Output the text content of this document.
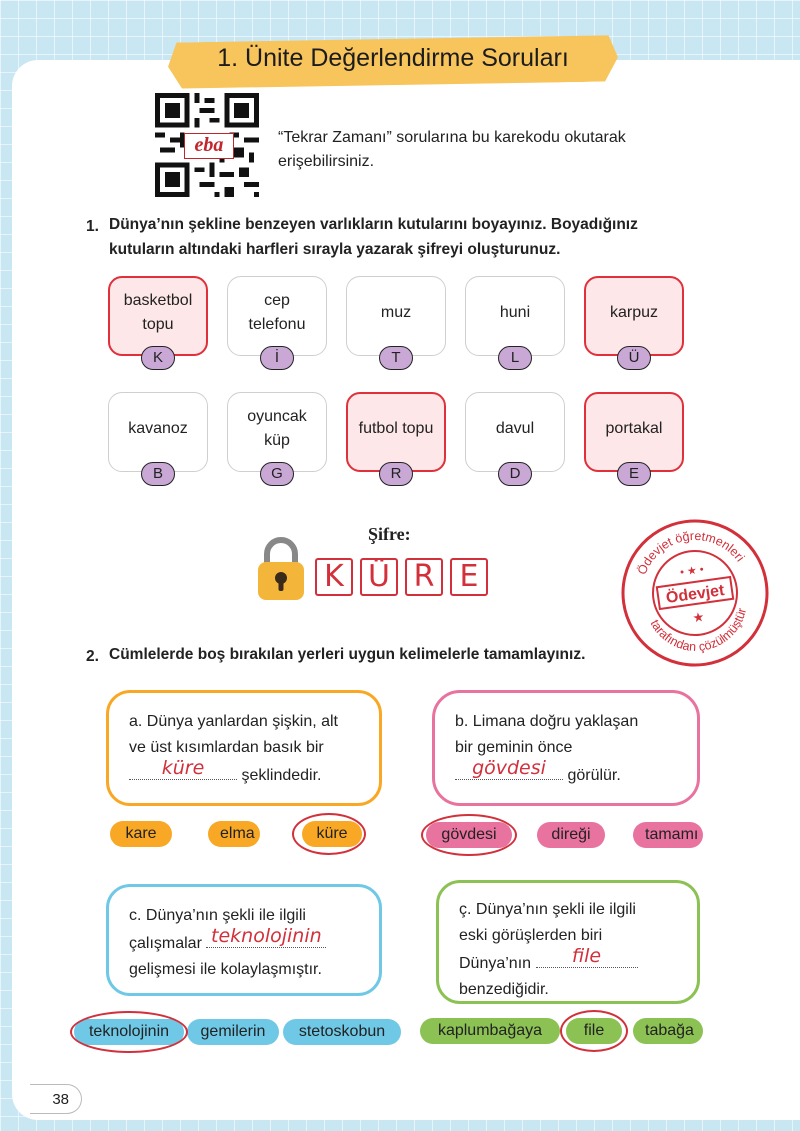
1. Ünite Değerlendirme Soruları
eba	“Tekrar Zamanı” sorularına bu karekodu okutarak erişebilirsiniz.
1. Dünya’nın şekline benzeyen varlıkların kutularını boyayınız. Boyadığınız
kutuların altındaki harfleri sırayla yazarak şifreyi oluşturunuz.
basketbol
topu
K
cep
telefonu
İ
muz
T
huni
L
karpuz
Ü
kavanoz
B
oyuncak
küp
G
futbol topu
R
davul
D
portakal
E
Şifre:
K Ü R E	Ödevjet öğretmenleri
tarafından çözülmüştür
Ödevjet
• ★ •
★
2. Cümlelerde boş bırakılan yerleri uygun kelimelerle tamamlayınız.
a. Dünya yanlardan şişkin, alt
ve üst kısımlardan basık bir
küre	şeklindedir.
b. Limana doğru yaklaşan
bir geminin önce
gövdesi	görülür.
c. Dünya’nın şekli ile ilgili
çalışmalar teknolojinin
gelişmesi ile kolaylaşmıştır.
ç. Dünya’nın şekli ile ilgili
eski görüşlerden biri
Dünya’nın	file
benzediğidir.
kare	elma	küre	gövdesi	direği	tamamı
teknolojinin	gemilerin	stetoskobun	kaplumbağaya	file	tabağa
38
